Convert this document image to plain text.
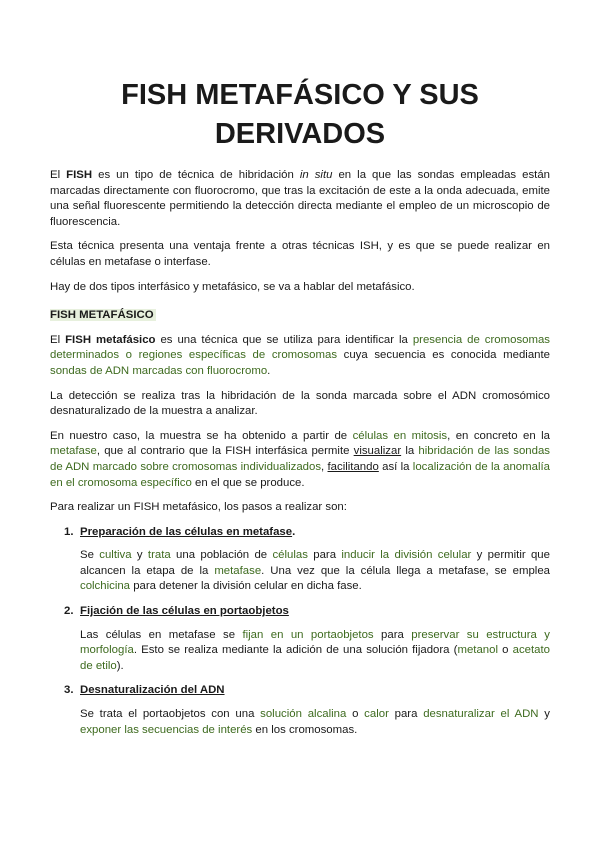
FISH METAFÁSICO Y SUS DERIVADOS

El FISH es un tipo de técnica de hibridación in situ en la que las sondas empleadas están marcadas directamente con fluorocromo, que tras la excitación de este a la onda adecuada, emite una señal fluorescente permitiendo la detección directa mediante el empleo de un microscopio de fluorescencia.

Esta técnica presenta una ventaja frente a otras técnicas ISH, y es que se puede realizar en células en metafase o interfase.

Hay de dos tipos interfásico y metafásico, se va a hablar del metafásico.

FISH METAFÁSICO

El FISH metafásico es una técnica que se utiliza para identificar la presencia de cromosomas determinados o regiones específicas de cromosomas cuya secuencia es conocida mediante sondas de ADN marcadas con fluorocromo.

La detección se realiza tras la hibridación de la sonda marcada sobre el ADN cromosómico desnaturalizado de la muestra a analizar.

En nuestro caso, la muestra se ha obtenido a partir de células en mitosis, en concreto en la metafase, que al contrario que la FISH interfásica permite visualizar la hibridación de las sondas de ADN marcado sobre cromosomas individualizados, facilitando así la localización de la anomalía en el cromosoma específico en el que se produce.

Para realizar un FISH metafásico, los pasos a realizar son:

1. Preparación de las células en metafase.

Se cultiva y trata una población de células para inducir la división celular y permitir que alcancen la etapa de la metafase. Una vez que la célula llega a metafase, se emplea colchicina para detener la división celular en dicha fase.

2. Fijación de las células en portaobjetos

Las células en metafase se fijan en un portaobjetos para preservar su estructura y morfología. Esto se realiza mediante la adición de una solución fijadora (metanol o acetato de etilo).

3. Desnaturalización del ADN

Se trata el portaobjetos con una solución alcalina o calor para desnaturalizar el ADN y exponer las secuencias de interés en los cromosomas.
